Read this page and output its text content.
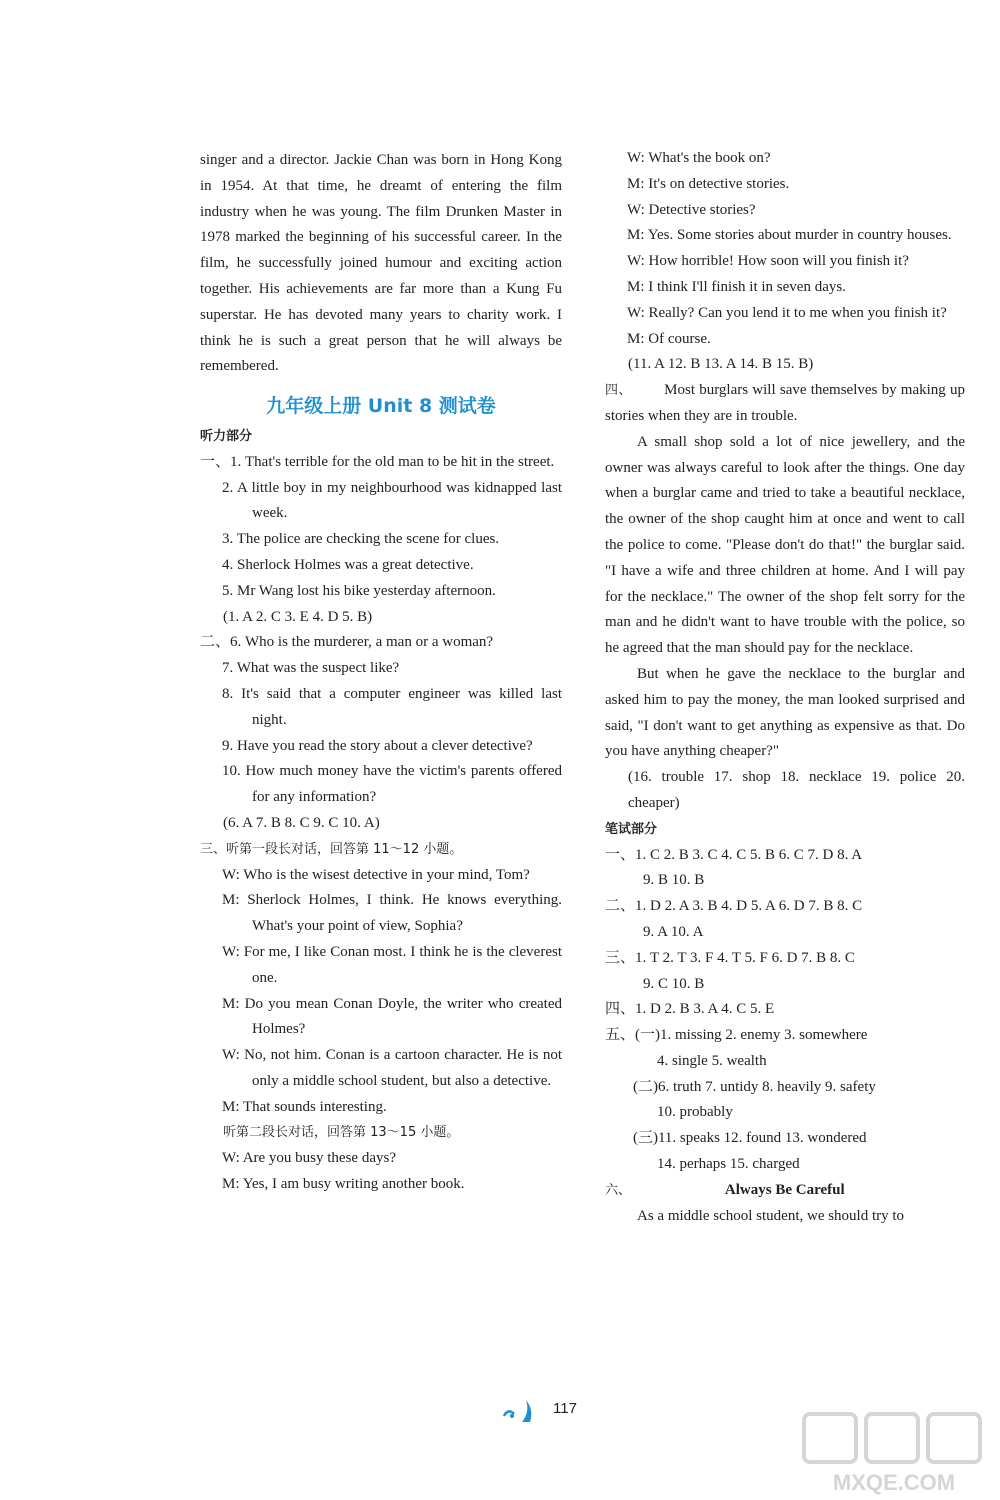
singer and a director. Jackie Chan was born in Hong Kong in 1954. At that time, he dreamt of entering the film industry when he was young. The film Drunken Master in 1978 marked the beginning of his successful career. In the film, he successfully joined humour and exciting action together. His achievements are far more than a Kung Fu superstar. He has devoted many years to charity work. I think he is such a great person that he will always be remembered.

九年级上册 Unit 8 测试卷
听力部分

一、1. That's terrible for the old man to be hit in the street.

2. A little boy in my neighbourhood was kidnapped last week.

3. The police are checking the scene for clues.

4. Sherlock Holmes was a great detective.

5. Mr Wang lost his bike yesterday afternoon.

(1. A 2. C 3. E 4. D 5. B)

二、6. Who is the murderer, a man or a woman?

7. What was the suspect like?

8. It's said that a computer engineer was killed last night.

9. Have you read the story about a clever detective?

10. How much money have the victim's parents offered for any information?

(6. A 7. B 8. C 9. C 10. A)

三、听第一段长对话，回答第 11～12 小题。

W: Who is the wisest detective in your mind, Tom?

M: Sherlock Holmes, I think. He knows everything. What's your point of view, Sophia?

W: For me, I like Conan most. I think he is the cleverest one.

M: Do you mean Conan Doyle, the writer who created Holmes?

W: No, not him. Conan is a cartoon character. He is not only a middle school student, but also a detective.

M: That sounds interesting.

听第二段长对话，回答第 13～15 小题。

W: Are you busy these days?

M: Yes, I am busy writing another book.

W: What's the book on?

M: It's on detective stories.

W: Detective stories?

M: Yes. Some stories about murder in country houses.

W: How horrible! How soon will you finish it?

M: I think I'll finish it in seven days.

W: Really? Can you lend it to me when you finish it?

M: Of course.

(11. A 12. B 13. A 14. B 15. B)

四、 Most burglars will save themselves by making up stories when they are in trouble.

A small shop sold a lot of nice jewellery, and the owner was always careful to look after the things. One day when a burglar came and tried to take a beautiful necklace, the owner of the shop caught him at once and went to call the police to come. "Please don't do that!" the burglar said. "I have a wife and three children at home. And I will pay for the necklace." The owner of the shop felt sorry for the man and he didn't want to have trouble with the police, so he agreed that the man should pay for the necklace.

But when he gave the necklace to the burglar and asked him to pay the money, the man looked surprised and said, "I don't want to get anything as expensive as that. Do you have anything cheaper?"

(16. trouble 17. shop 18. necklace 19. police 20. cheaper)

笔试部分

一、1. C 2. B 3. C 4. C 5. B 6. C 7. D 8. A

9. B 10. B

二、1. D 2. A 3. B 4. D 5. A 6. D 7. B 8. C

9. A 10. A

三、1. T 2. T 3. F 4. T 5. F 6. D 7. B 8. C

9. C 10. B

四、1. D 2. B 3. A 4. C 5. E

五、(一)1. missing 2. enemy 3. somewhere

4. single 5. wealth

(二)6. truth 7. untidy 8. heavily 9. safety

10. probably

(三)11. speaks 12. found 13. wondered

14. perhaps 15. charged

六、	Always Be Careful

As a middle school student, we should try to

117
MXQE.COM
